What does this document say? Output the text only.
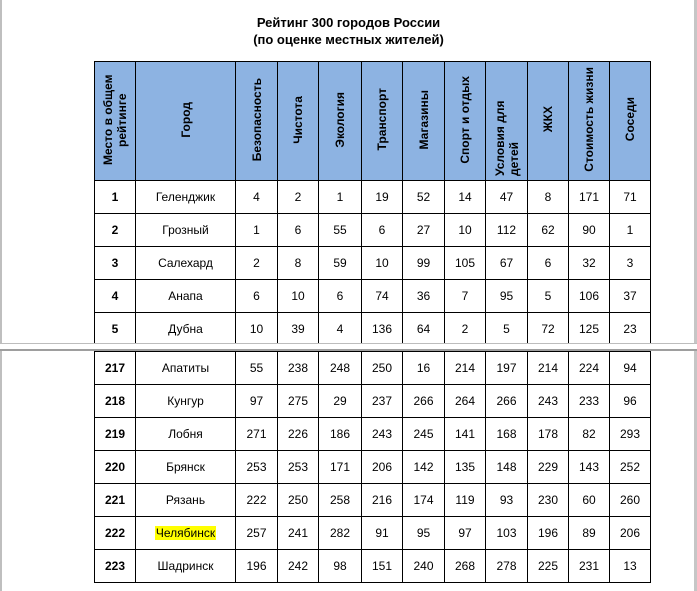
Рейтинг 300 городов России
(по оценке местных жителей)
Место в общем рейтинге	Город	Безопасность	Чистота	Экология	Транспорт	Магазины	Спорт и отдых	Условия для детей	ЖКХ	Стоимость жизни	Соседи
1	Геленджик	4	2	1	19	52	14	47	8	171	71
2	Грозный	1	6	55	6	27	10	112	62	90	1
3	Салехард	2	8	59	10	99	105	67	6	32	3
4	Анапа	6	10	6	74	36	7	95	5	106	37
5	Дубна	10	39	4	136	64	2	5	72	125	23
217	Апатиты	55	238	248	250	16	214	197	214	224	94
218	Кунгур	97	275	29	237	266	264	266	243	233	96
219	Лобня	271	226	186	243	245	141	168	178	82	293
220	Брянск	253	253	171	206	142	135	148	229	143	252
221	Рязань	222	250	258	216	174	119	93	230	60	260
222	Челябинск	257	241	282	91	95	97	103	196	89	206
223	Шадринск	196	242	98	151	240	268	278	225	231	13
